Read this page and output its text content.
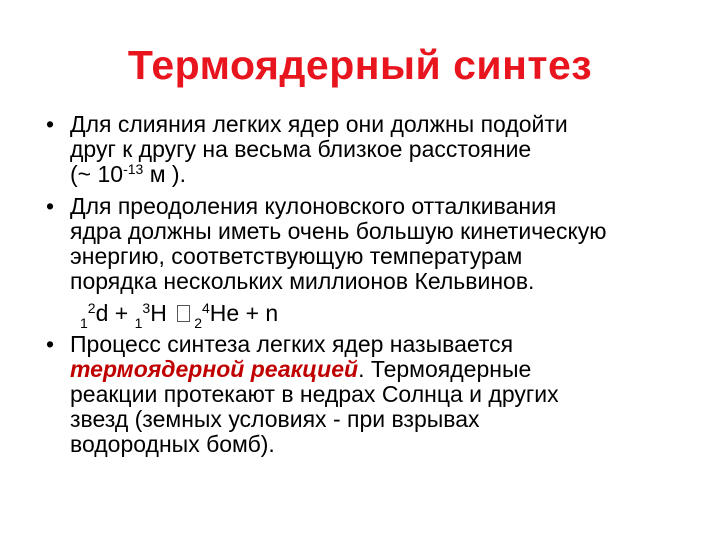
Термоядерный синтез
• Для слияния легких ядер они должны подойти
друг к другу на весьма близкое расстояние
(~ $10^{-13}$ м ).
• Для преодоления кулоновского отталкивания
ядра должны иметь очень большую кинетическую
энергию, соответствующую температурам
порядка нескольких миллионов Кельвинов.
$_1^2$d + $_1^3$H $_2^4$He + n
• Процесс синтеза легких ядер называется
термоядерной реакцией. Термоядерные
реакции протекают в недрах Солнца и других
звезд (земных условиях - при взрывах
водородных бомб).
